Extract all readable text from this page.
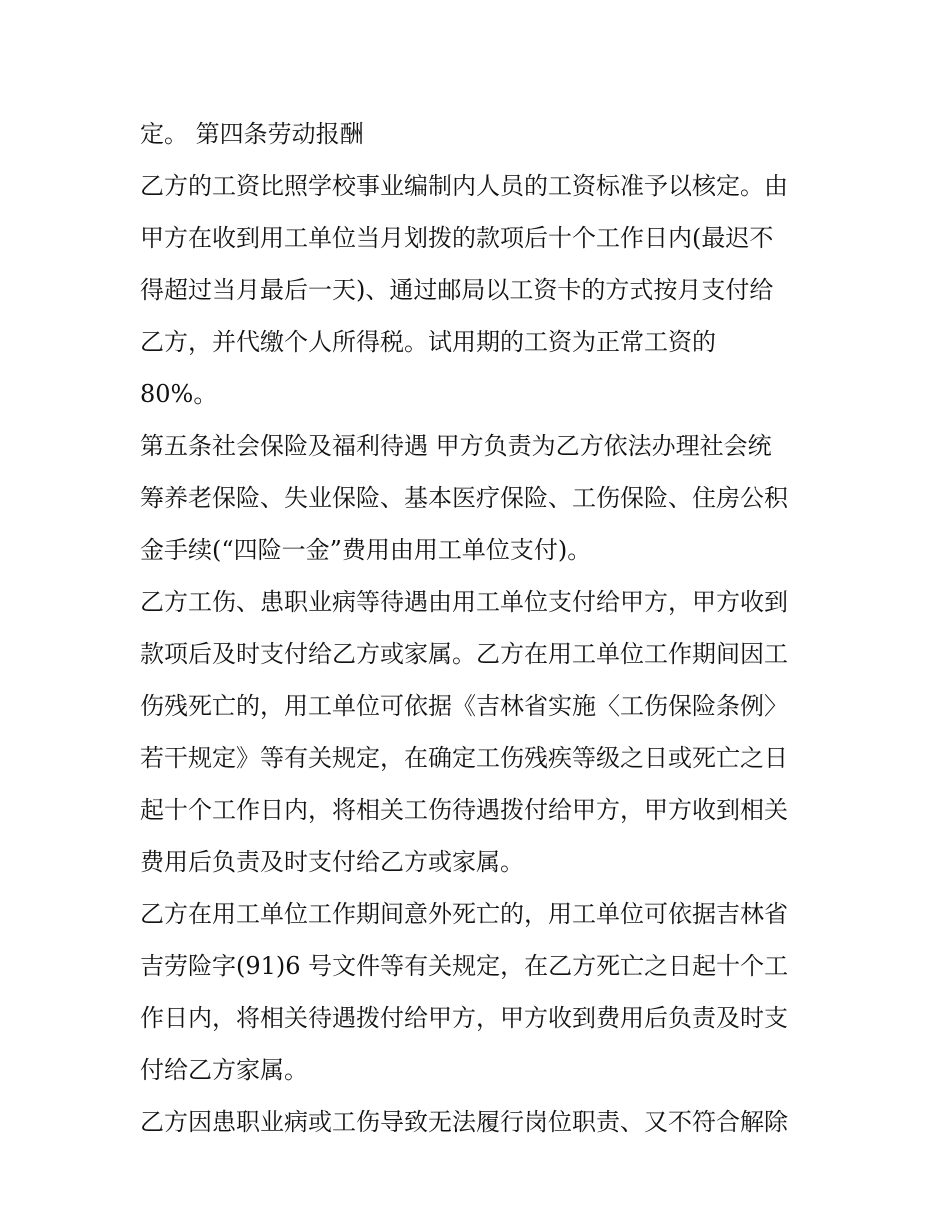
定。 第四条劳动报酬
乙方的工资比照学校事业编制内人员的工资标准予以核定。由
甲方在收到用工单位当月划拨的款项后十个工作日内(最迟不
得超过当月最后一天)、通过邮局以工资卡的方式按月支付给
乙方，并代缴个人所得税。试用期的工资为正常工资的
80%。
第五条社会保险及福利待遇 甲方负责为乙方依法办理社会统
筹养老保险、失业保险、基本医疗保险、工伤保险、住房公积
金手续(“四险一金”费用由用工单位支付)。
乙方工伤、患职业病等待遇由用工单位支付给甲方，甲方收到
款项后及时支付给乙方或家属。乙方在用工单位工作期间因工
伤残死亡的，用工单位可依据《吉林省实施〈工伤保险条例〉
若干规定》等有关规定，在确定工伤残疾等级之日或死亡之日
起十个工作日内，将相关工伤待遇拨付给甲方，甲方收到相关
费用后负责及时支付给乙方或家属。
乙方在用工单位工作期间意外死亡的，用工单位可依据吉林省
吉劳险字(91)6 号文件等有关规定，在乙方死亡之日起十个工
作日内，将相关待遇拨付给甲方，甲方收到费用后负责及时支
付给乙方家属。
乙方因患职业病或工伤导致无法履行岗位职责、又不符合解除
